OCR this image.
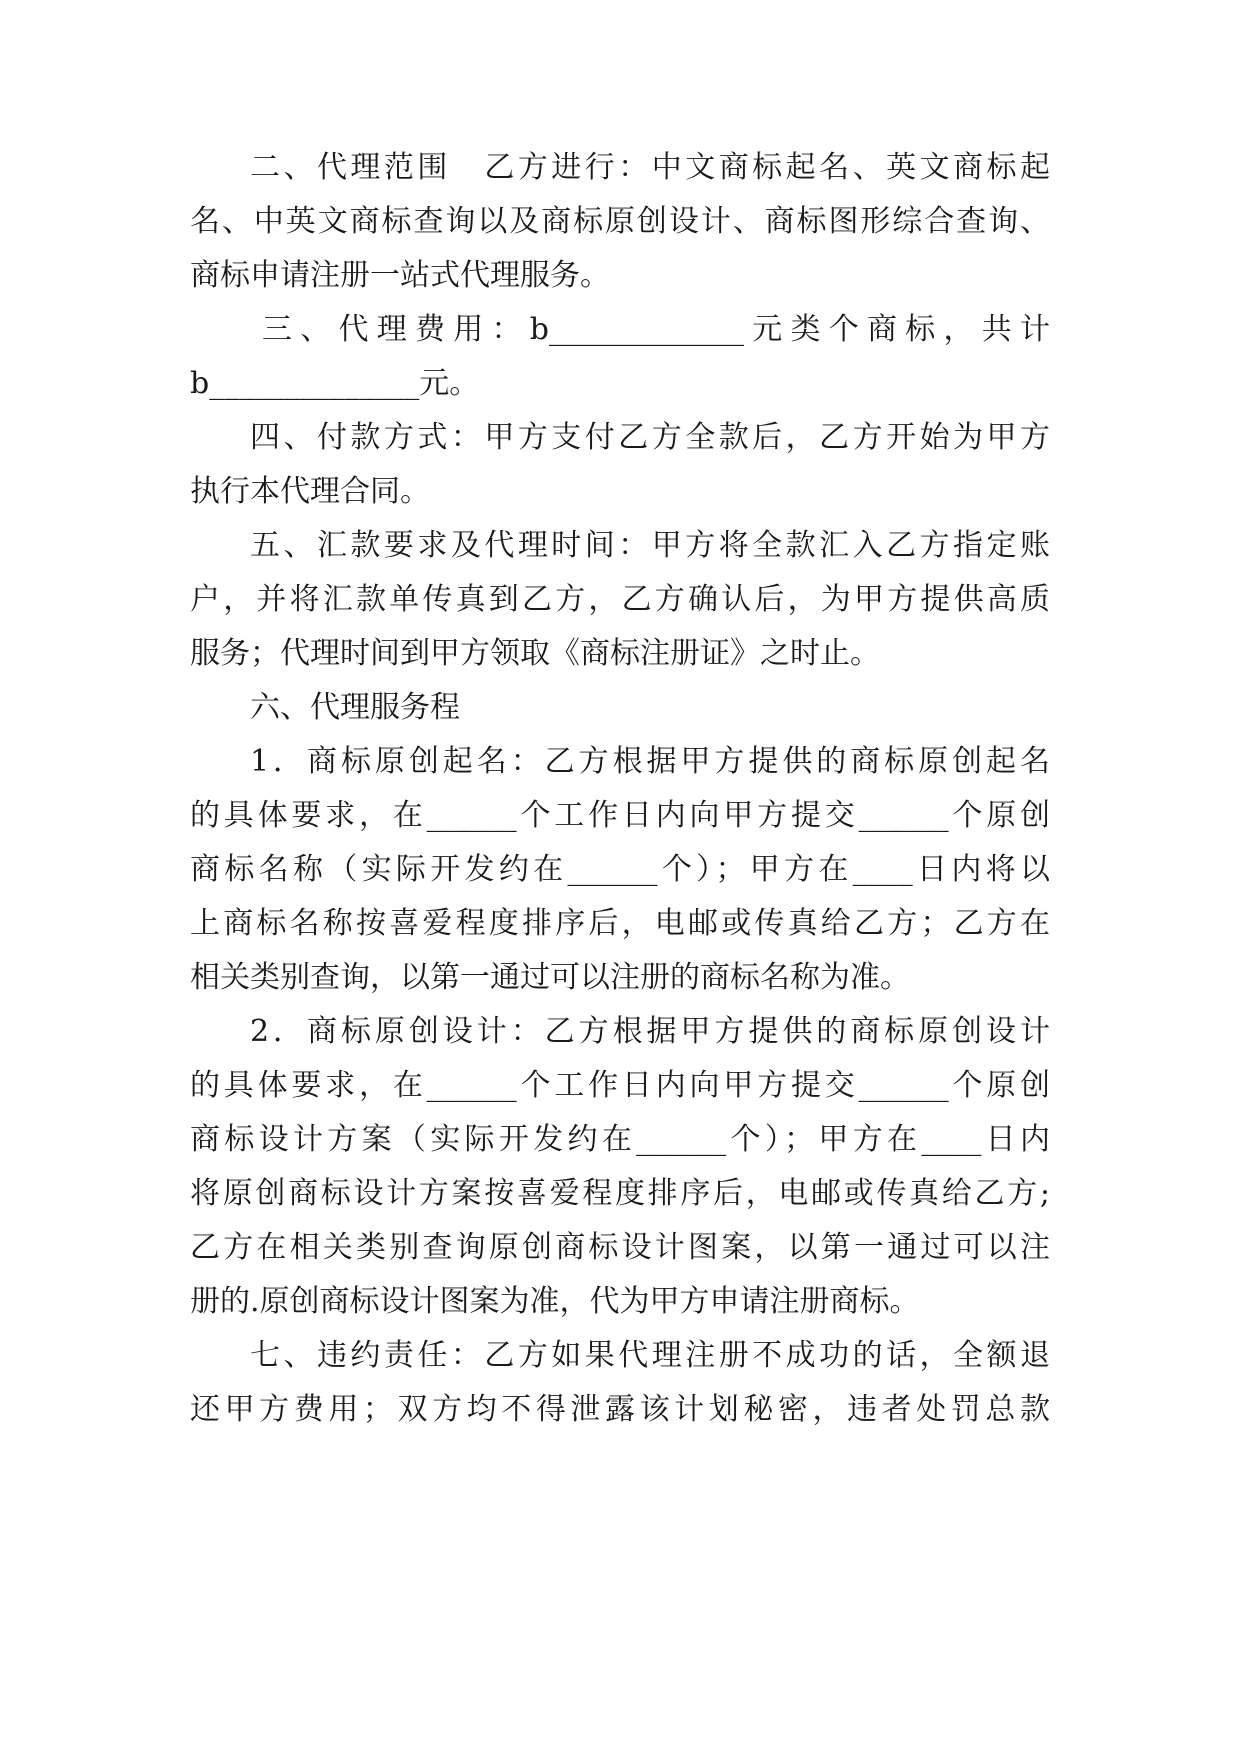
二、代理范围　乙方进行：中文商标起名、英文商标起
名、中英文商标查询以及商标原创设计、商标图形综合查询、
商标申请注册一站式代理服务。
三、代理费用：b_____________元类个商标，共计
b______________元。
四、付款方式：甲方支付乙方全款后，乙方开始为甲方
执行本代理合同。
五、汇款要求及代理时间：甲方将全款汇入乙方指定账
户，并将汇款单传真到乙方，乙方确认后，为甲方提供高质
服务；代理时间到甲方领取《商标注册证》之时止。
六、代理服务程
1．商标原创起名：乙方根据甲方提供的商标原创起名
的具体要求，在______个工作日内向甲方提交______个原创
商标名称（实际开发约在______个）；甲方在____日内将以
上商标名称按喜爱程度排序后，电邮或传真给乙方；乙方在
相关类别查询，以第一通过可以注册的商标名称为准。
2．商标原创设计：乙方根据甲方提供的商标原创设计
的具体要求，在______个工作日内向甲方提交______个原创
商标设计方案（实际开发约在______个）；甲方在____日内
将原创商标设计方案按喜爱程度排序后，电邮或传真给乙方;
乙方在相关类别查询原创商标设计图案，以第一通过可以注
册的.原创商标设计图案为准，代为甲方申请注册商标。
七、违约责任：乙方如果代理注册不成功的话，全额退
还甲方费用；双方均不得泄露该计划秘密，违者处罚总款
